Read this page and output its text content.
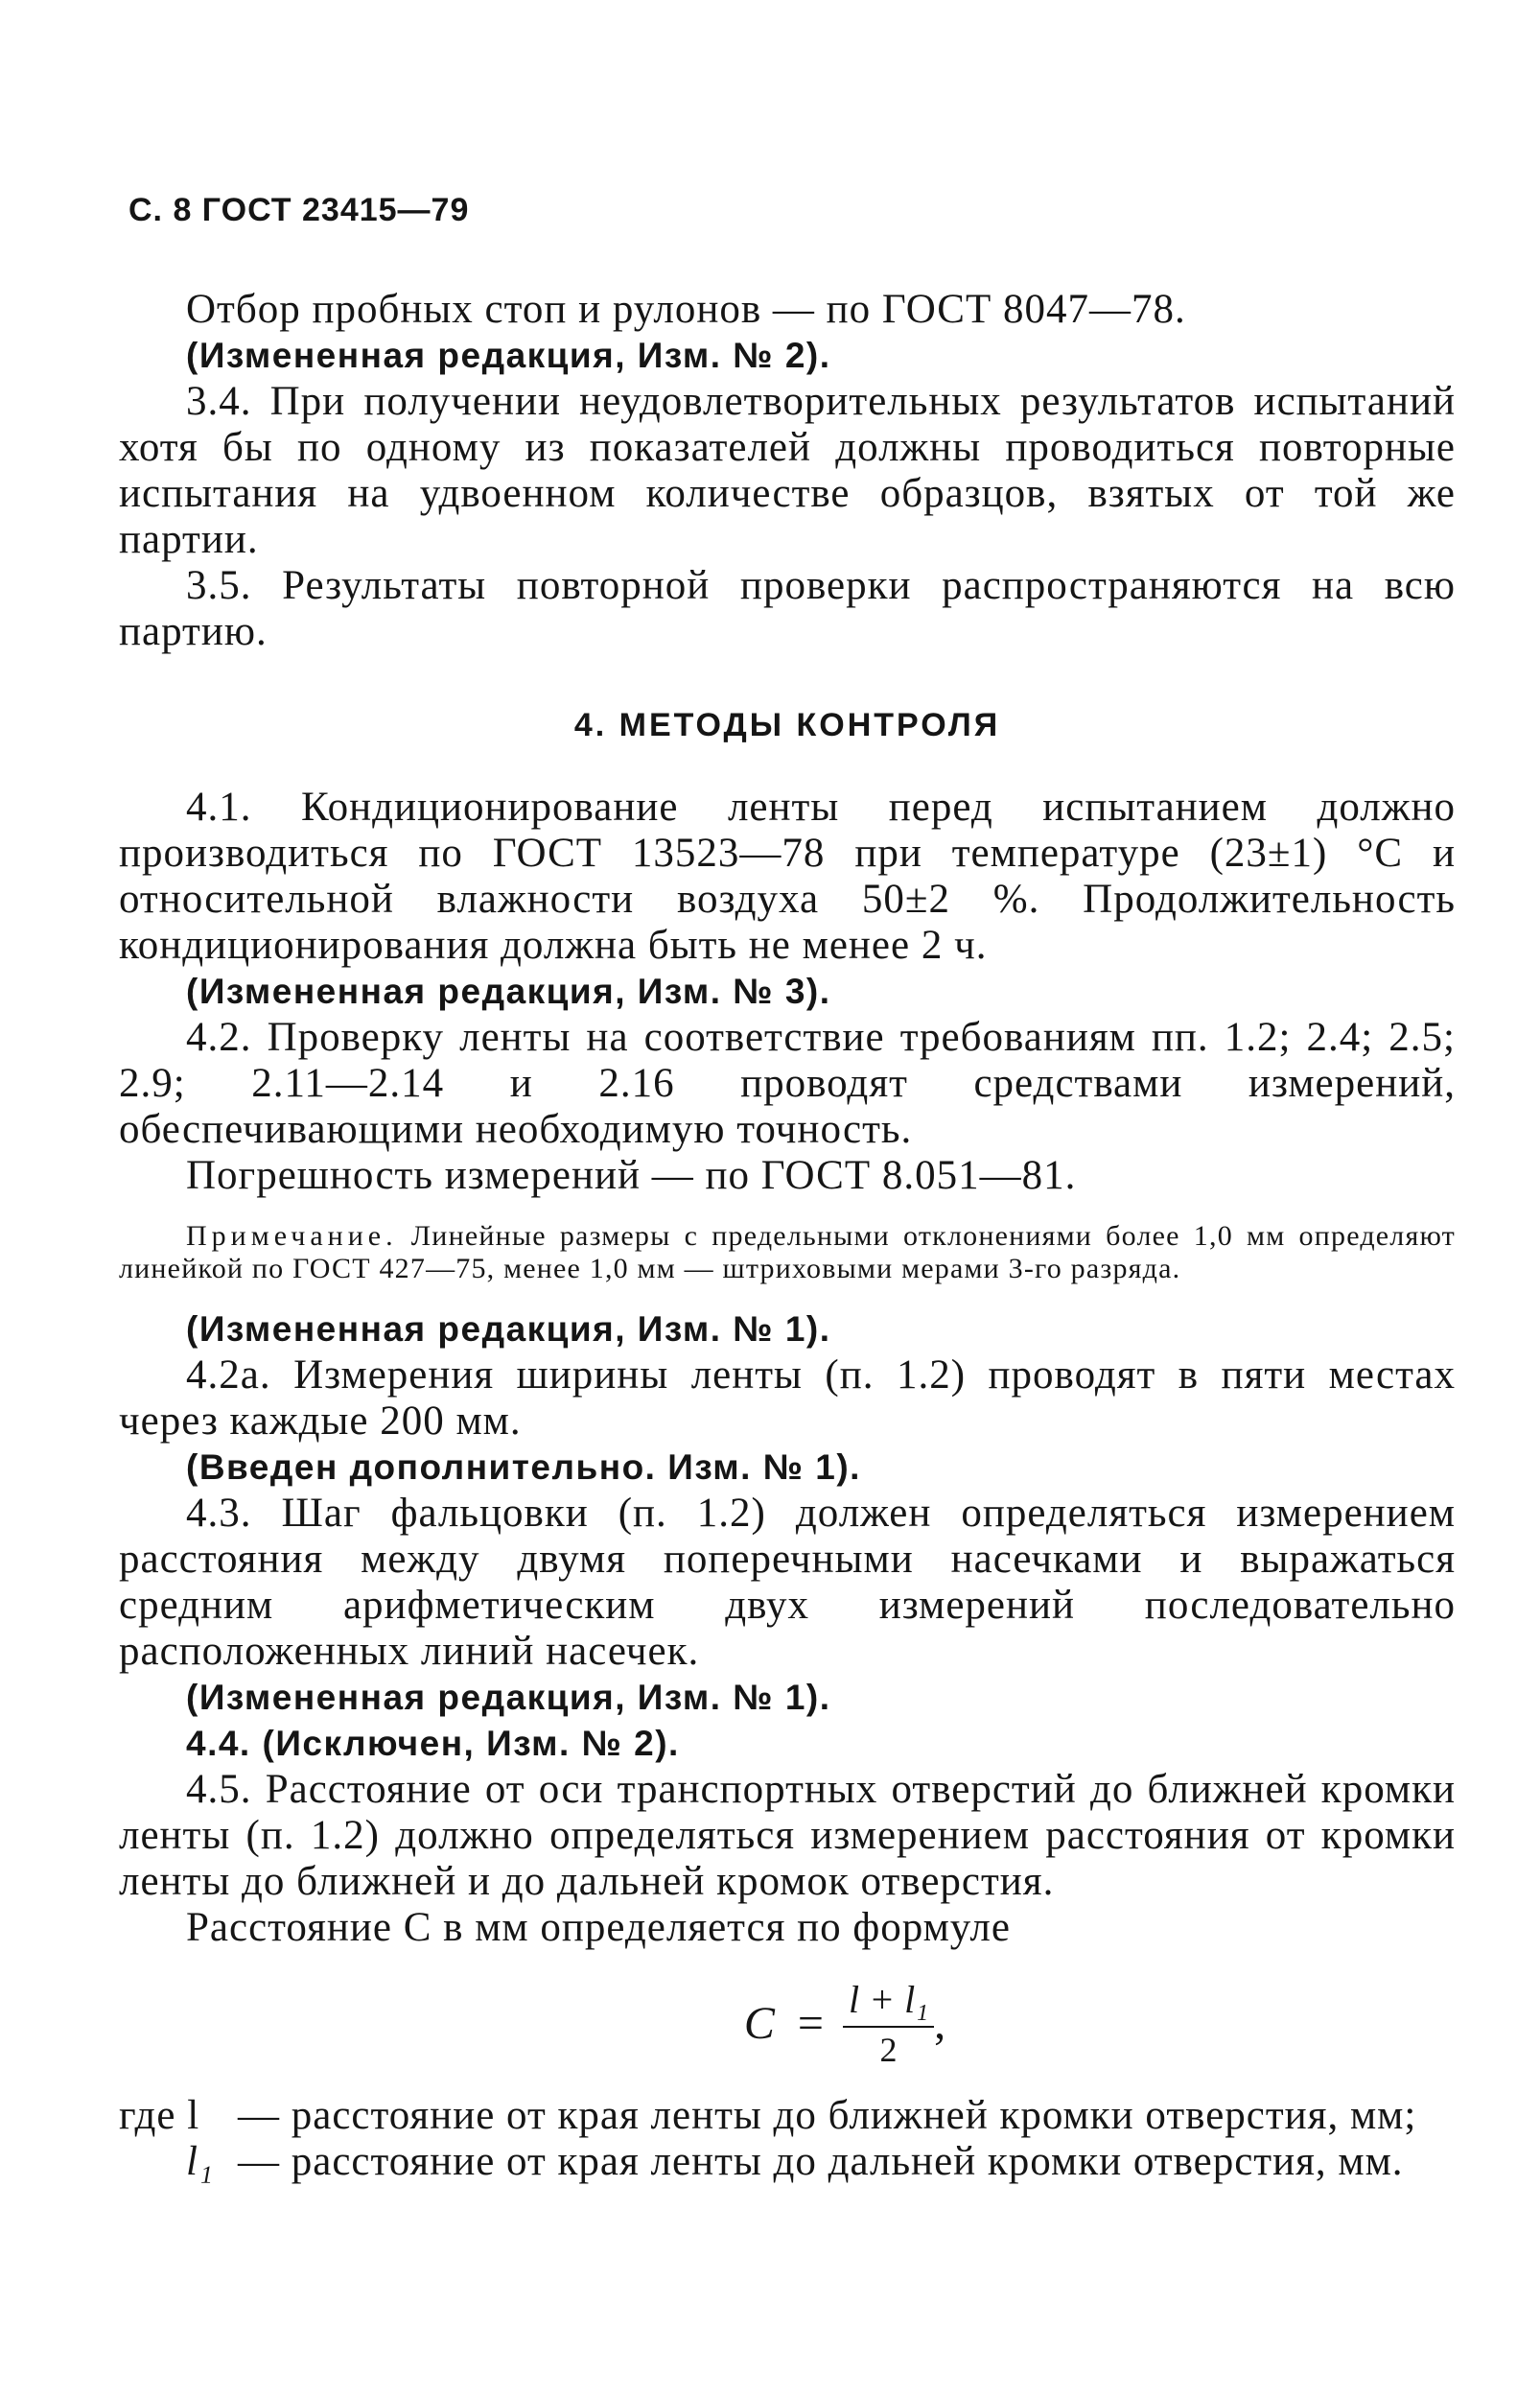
С. 8 ГОСТ 23415—79

Отбор пробных стоп и рулонов — по ГОСТ 8047—78.

(Измененная редакция, Изм. № 2).

3.4. При получении неудовлетворительных результатов испытаний хотя бы по одному из показателей должны проводиться повторные испытания на удвоенном количестве образцов, взятых от той же партии.

3.5. Результаты повторной проверки распространяются на всю партию.

4. МЕТОДЫ КОНТРОЛЯ

4.1. Кондиционирование ленты перед испытанием должно производиться по ГОСТ 13523—78 при температуре (23±1) °С и относительной влажности воздуха 50±2 %. Продолжительность кондиционирования должна быть не менее 2 ч.

(Измененная редакция, Изм. № 3).

4.2. Проверку ленты на соответствие требованиям пп. 1.2; 2.4; 2.5; 2.9; 2.11—2.14 и 2.16 проводят средствами измерений, обеспечивающими необходимую точность.

Погрешность измерений — по ГОСТ 8.051—81.

Примечание. Линейные размеры с предельными отклонениями более 1,0 мм определяют линейкой по ГОСТ 427—75, менее 1,0 мм — штриховыми мерами 3-го разряда.

(Измененная редакция, Изм. № 1).

4.2а. Измерения ширины ленты (п. 1.2) проводят в пяти местах через каждые 200 мм.

(Введен дополнительно. Изм. № 1).

4.3. Шаг фальцовки (п. 1.2) должен определяться измерением расстояния между двумя поперечными насечками и выражаться средним арифметическим двух измерений последовательно расположенных линий насечек.

(Измененная редакция, Изм. № 1).

4.4. (Исключен, Изм. № 2).

4.5. Расстояние от оси транспортных отверстий до ближней кромки ленты (п. 1.2) должно определяться измерением расстояния от кромки ленты до ближней и до дальней кромок отверстия.

Расстояние С в мм определяется по формуле

$С = \frac{\text{l + l₁}}{2}$ ,
где l — расстояние от края ленты до ближней кромки отверстия, мм;
l₁ — расстояние от края ленты до дальней кромки отверстия, мм.
